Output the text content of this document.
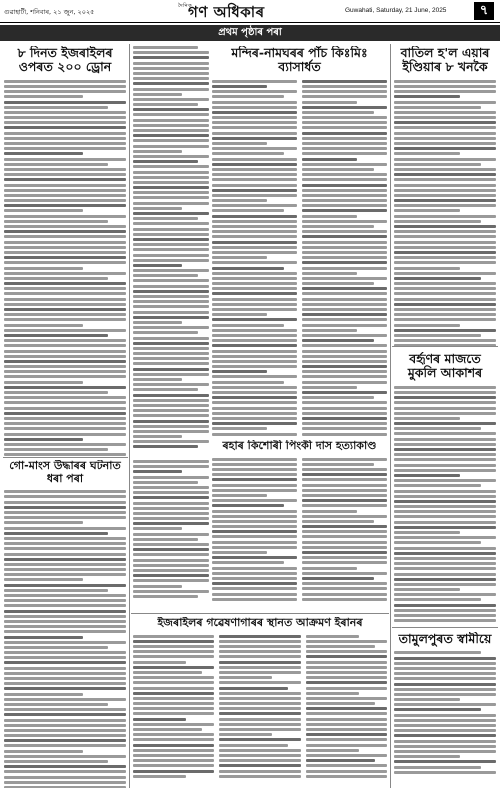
গুৱাহাটী, শনিবাৰ, ২১ জুন, ২০২৫
দৈনিক
গণ অধিকাৰ	Guwahati, Saturday, 21 June, 2025	৭
প্ৰথম পৃষ্ঠাৰ পৰা
৮ দিনত ইজৰাইলৰ ওপৰত ২০০ ড্ৰোন
গো-মাংস উদ্ধাৰৰ ঘটনাত ধৰা পৰা
মন্দিৰ-নামঘৰৰ পাঁচ কিঃমিঃ ব্যাসাৰ্ধত
ৰহাৰ কিশোৰী পিংকী দাস হত্যাকাণ্ড
ইজৰাইলৰ গৱেষণাগাৰৰ স্থানত আক্ৰমণ ইৰানৰ
বাতিল হ'ল এয়াৰ ইণ্ডিয়াৰ ৮ খনকৈ
বৰ্হৃণৰ মাজতে মুকলি আকাশৰ
তামুলপুৰত স্বামীয়ে
